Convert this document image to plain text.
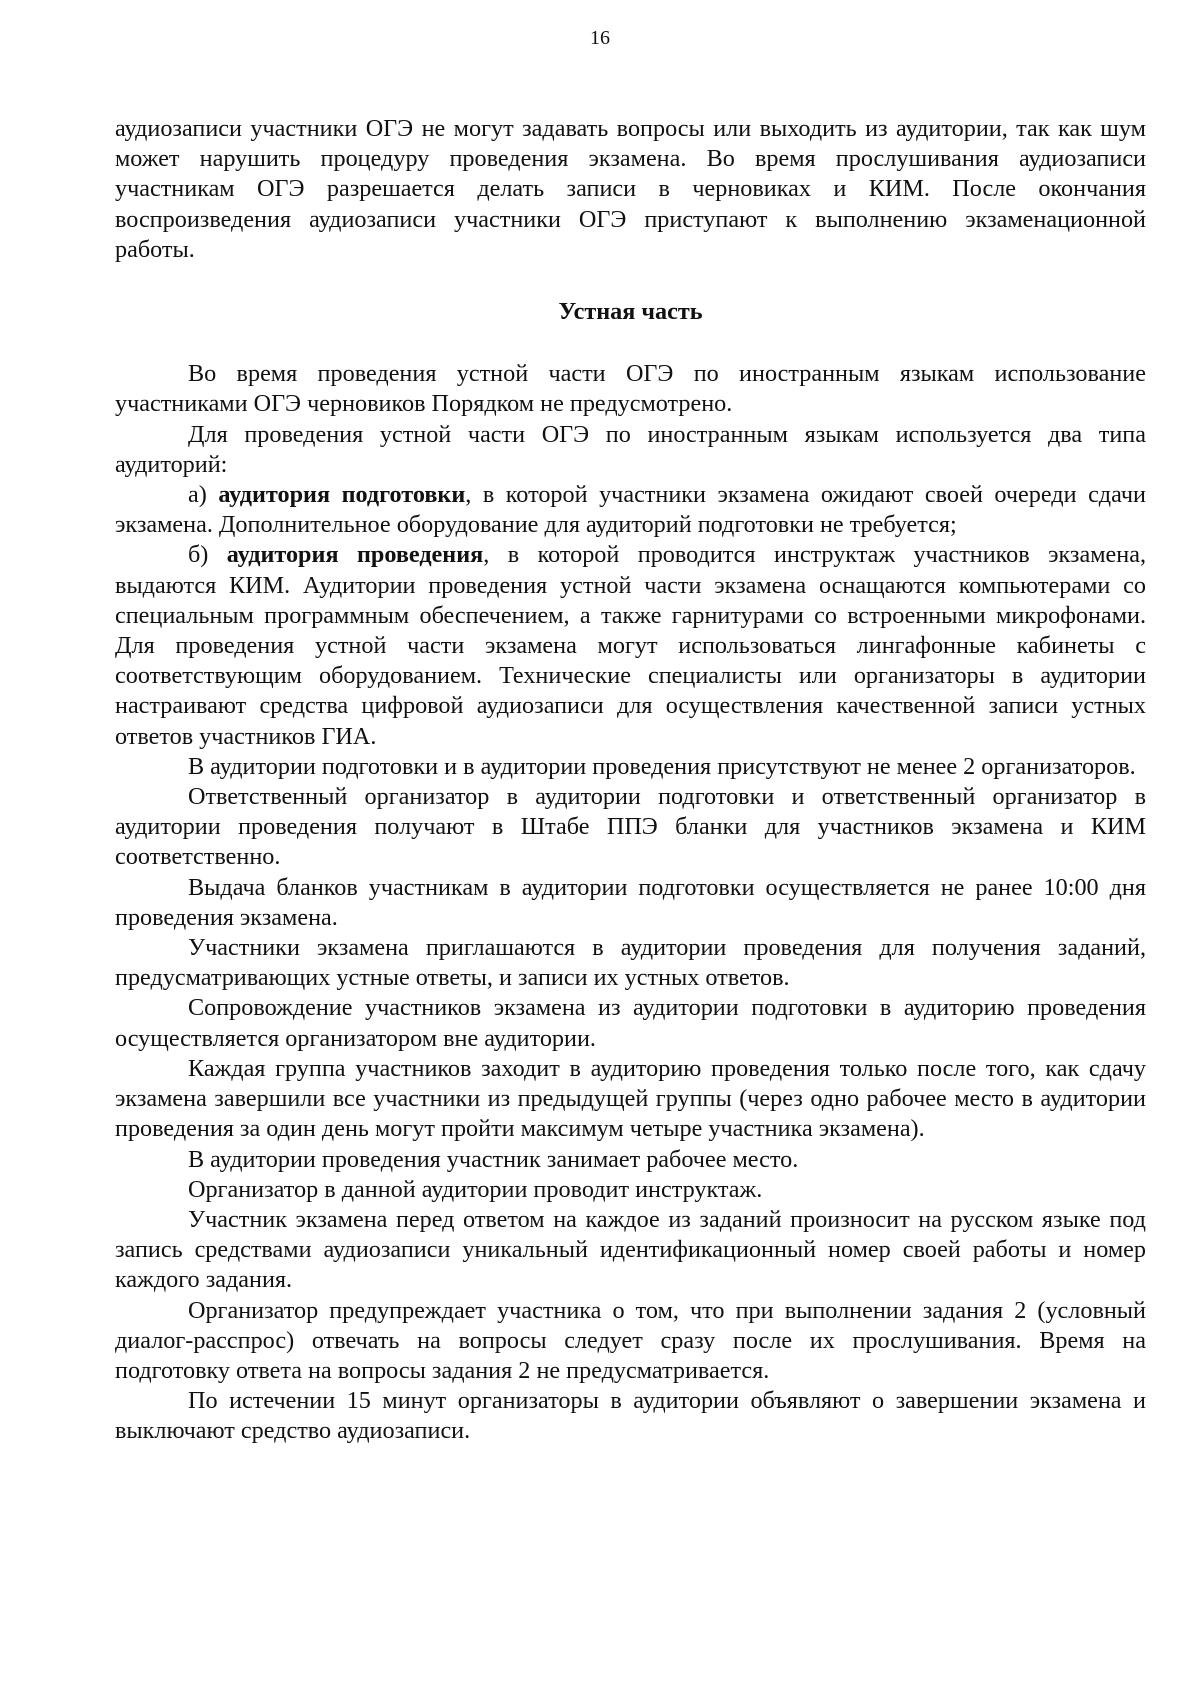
16

аудиозаписи участники ОГЭ не могут задавать вопросы или выходить из аудитории, так как шум может нарушить процедуру проведения экзамена. Во время прослушивания аудиозаписи участникам ОГЭ разрешается делать записи в черновиках и КИМ. После окончания воспроизведения аудиозаписи участники ОГЭ приступают к выполнению экзаменационной работы.

Устная часть

Во время проведения устной части ОГЭ по иностранным языкам использование участниками ОГЭ черновиков Порядком не предусмотрено.

Для проведения устной части ОГЭ по иностранным языкам используется два типа аудиторий:

а) аудитория подготовки, в которой участники экзамена ожидают своей очереди сдачи экзамена. Дополнительное оборудование для аудиторий подготовки не требуется;

б) аудитория проведения, в которой проводится инструктаж участников экзамена, выдаются КИМ. Аудитории проведения устной части экзамена оснащаются компьютерами со специальным программным обеспечением, а также гарнитурами со встроенными микрофонами. Для проведения устной части экзамена могут использоваться лингафонные кабинеты с соответствующим оборудованием. Технические специалисты или организаторы в аудитории настраивают средства цифровой аудиозаписи для осуществления качественной записи устных ответов участников ГИА.

В аудитории подготовки и в аудитории проведения присутствуют не менее 2 организаторов.

Ответственный организатор в аудитории подготовки и ответственный организатор в аудитории проведения получают в Штабе ППЭ бланки для участников экзамена и КИМ соответственно.

Выдача бланков участникам в аудитории подготовки осуществляется не ранее 10:00 дня проведения экзамена.

Участники экзамена приглашаются в аудитории проведения для получения заданий, предусматривающих устные ответы, и записи их устных ответов.

Сопровождение участников экзамена из аудитории подготовки в аудиторию проведения осуществляется организатором вне аудитории.

Каждая группа участников заходит в аудиторию проведения только после того, как сдачу экзамена завершили все участники из предыдущей группы (через одно рабочее место в аудитории проведения за один день могут пройти максимум четыре участника экзамена).

В аудитории проведения участник занимает рабочее место.

Организатор в данной аудитории проводит инструктаж.

Участник экзамена перед ответом на каждое из заданий произносит на русском языке под запись средствами аудиозаписи уникальный идентификационный номер своей работы и номер каждого задания.

Организатор предупреждает участника о том, что при выполнении задания 2 (условный диалог-расспрос) отвечать на вопросы следует сразу после их прослушивания. Время на подготовку ответа на вопросы задания 2 не предусматривается.

По истечении 15 минут организаторы в аудитории объявляют о завершении экзамена и выключают средство аудиозаписи.
